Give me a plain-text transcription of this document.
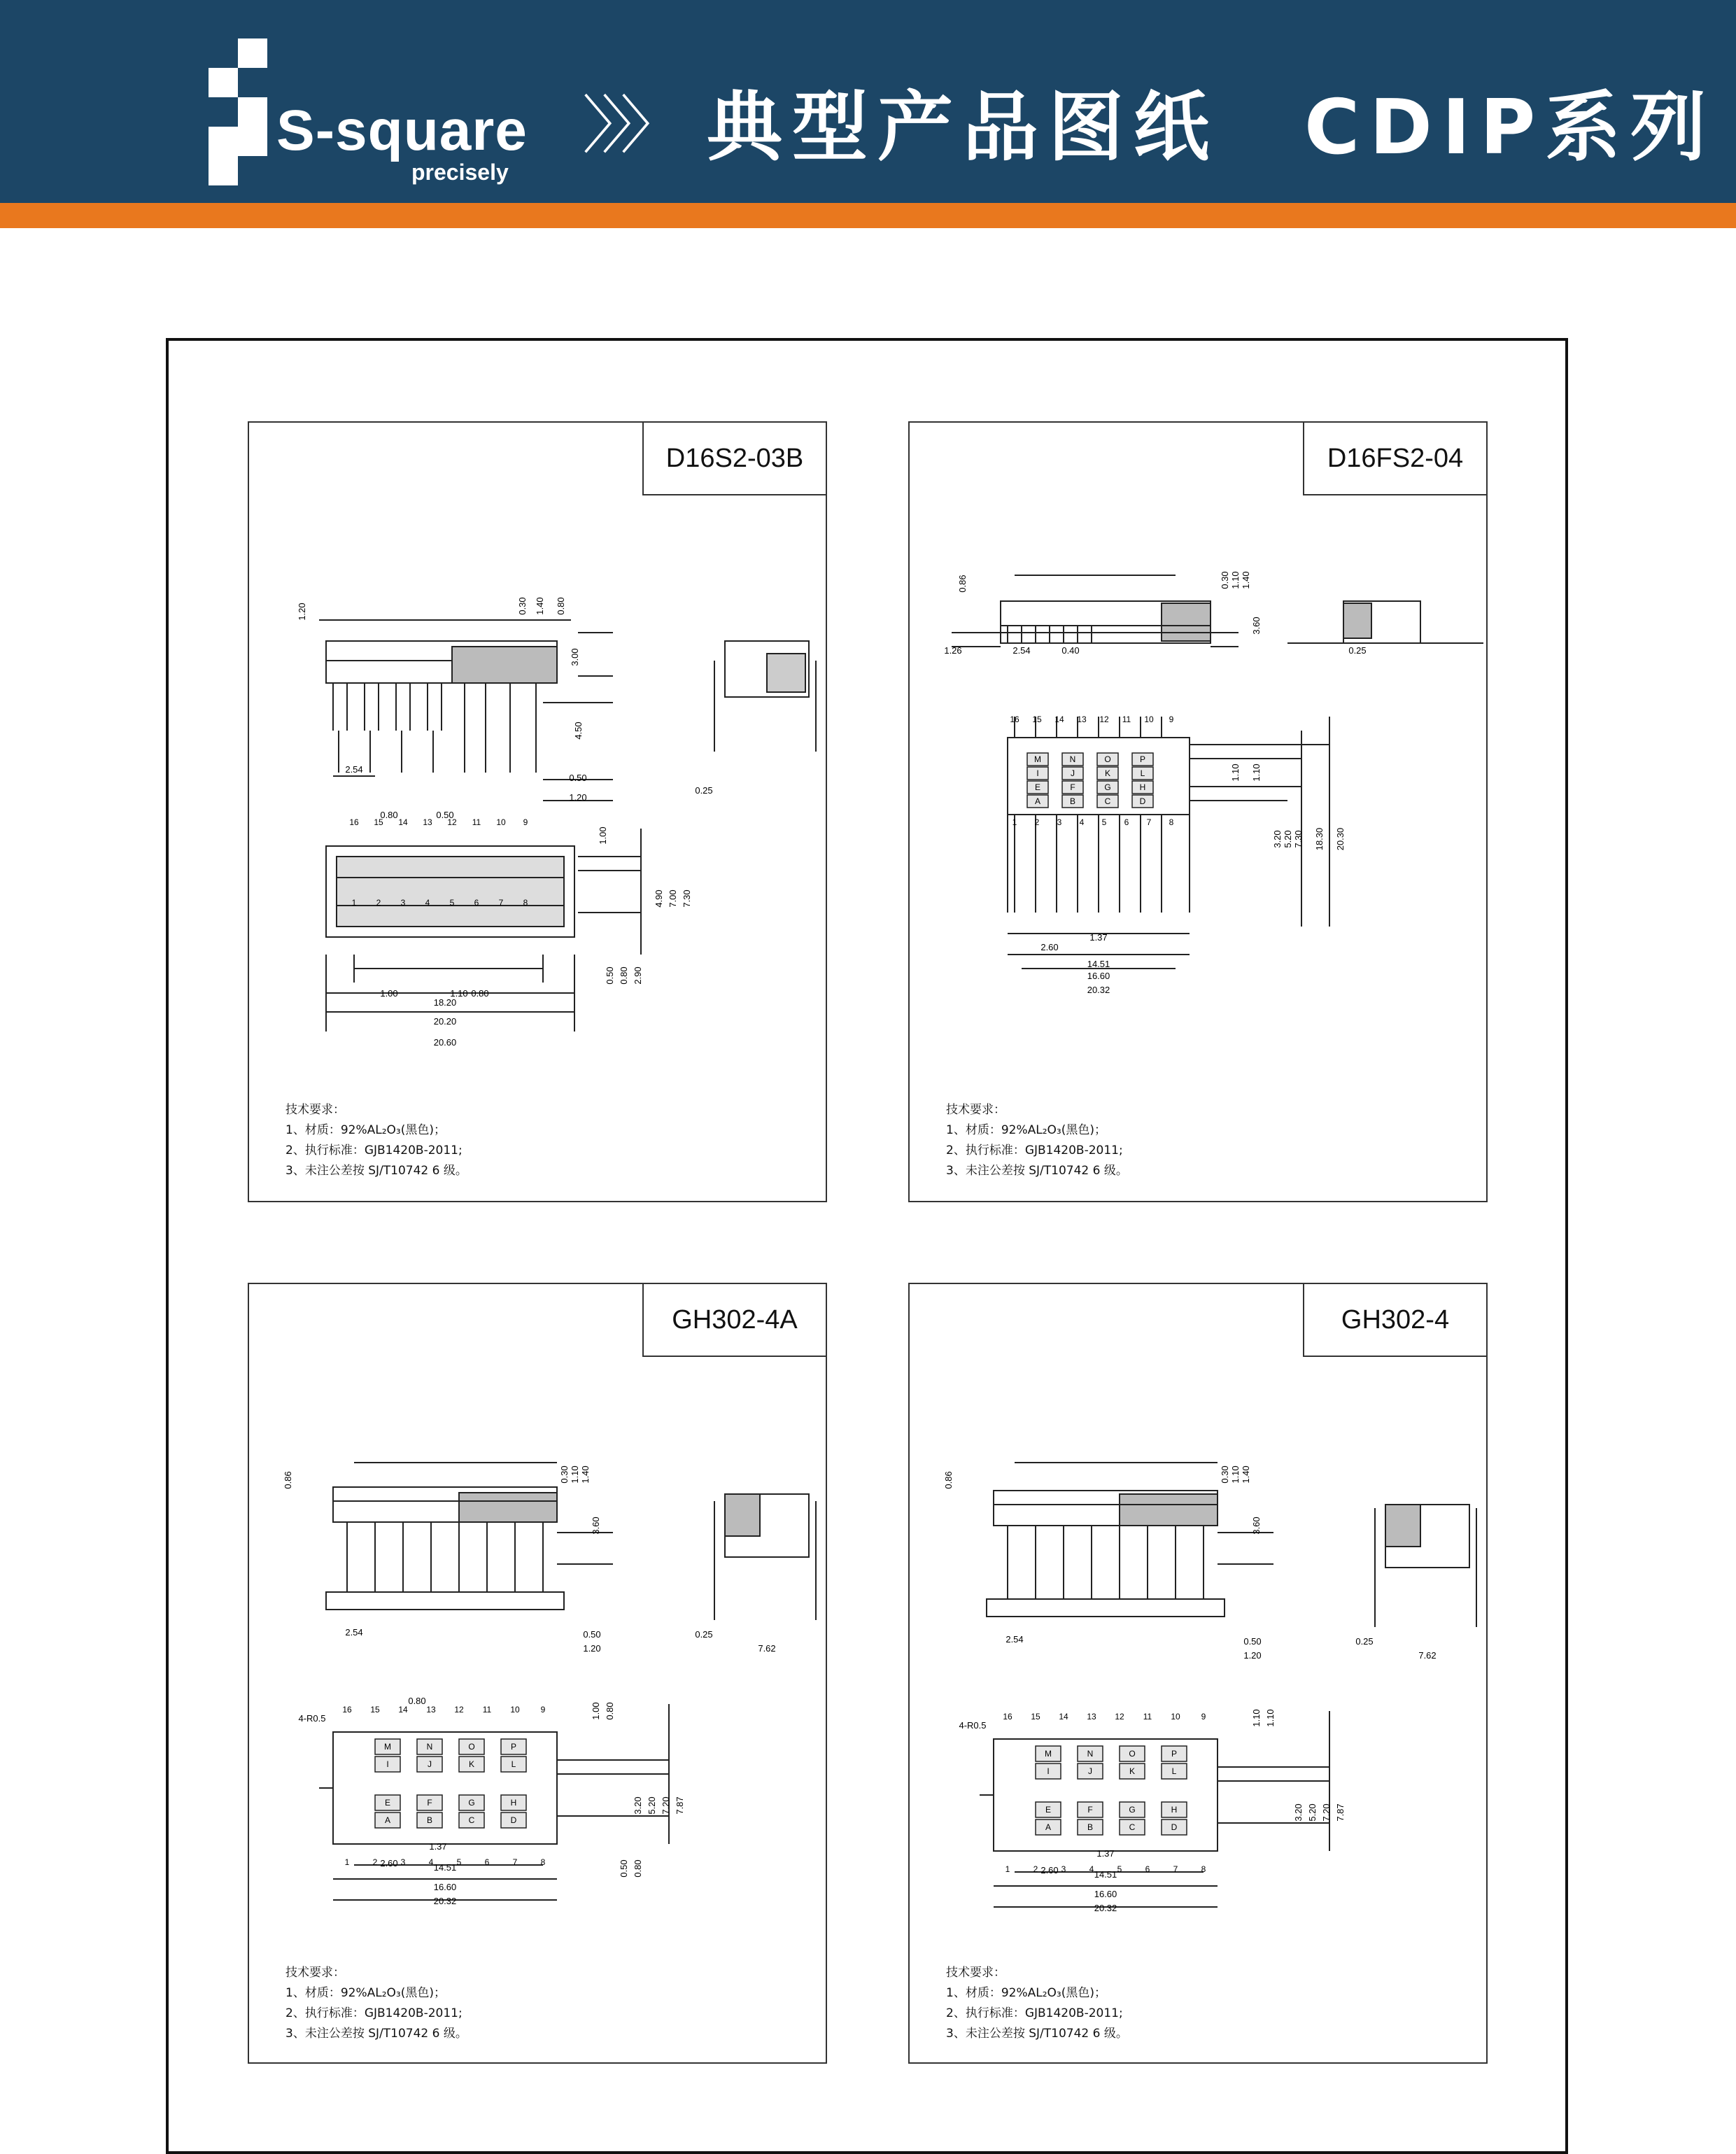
S-square
precisely
〉〉〉 典型产品图纸　CDIP系列
D16S2-03B
1.20	0.30 1.40 0.80
3.00
4.50
2.54
0.50
1.20
0.25
0.80	0.50
1.00
4.90 7.00 7.30
1.00	1.10 0.80
0.50 0.80 2.90
18.20
20.20
20.60
16 15 14 13 12 11 10 9
1 2 3 4 5 6 7 8
技术要求：
1、材质：92%AL₂O₃(黑色)；
2、执行标准：GJB1420B-2011;
3、未注公差按 SJ/T10742 6 级。
D16FS2-04
0.86	0.30 1.10 1.40
3.60
1.26	2.54	0.40	0.25
1.10 1.10
3.20 5.20 7.30 18.30 20.30
1.37
2.60
14.51
16.60
20.32
16 15 14 13 12 11 10 9
1 2 3 4 5 6 7 8
M	N	O	P
I	J	K	L
E	F	G	H
A	B	C	D
技术要求：
1、材质：92%AL₂O₃(黑色)；
2、执行标准：GJB1420B-2011;
3、未注公差按 SJ/T10742 6 级。
GH302-4A
0.86	0.30 1.10 1.40
3.60
2.54	0.50
1.20
0.25
7.62
4-R0.5
0.80
1.00 0.80
3.20 5.20 7.20 7.87
0.50 0.80
2.60
1.37
14.51
16.60
20.32
16 15 14 13 12 11 10 9
1	2	3	4	5	6	7	8
M	N	O	P
I	J	K	L
E	F	G	H
A	B	C	D
技术要求：
1、材质：92%AL₂O₃(黑色)；
2、执行标准：GJB1420B-2011;
3、未注公差按 SJ/T10742 6 级。
GH302-4
0.86	0.30 1.10 1.40
3.60
2.54	0.50
1.20
0.25
7.62
4-R0.5	1.10 1.10
3.20 5.20 7.20 7.87
2.60
1.37
14.51
16.60
20.32
16 15 14 13 12 11 10 9
1	2	3	4	5	6	7	8
M	N	O	P
I	J	K	L
E	F	G	H
A	B	C	D
技术要求：
1、材质：92%AL₂O₃(黑色)；
2、执行标准：GJB1420B-2011;
3、未注公差按 SJ/T10742 6 级。
